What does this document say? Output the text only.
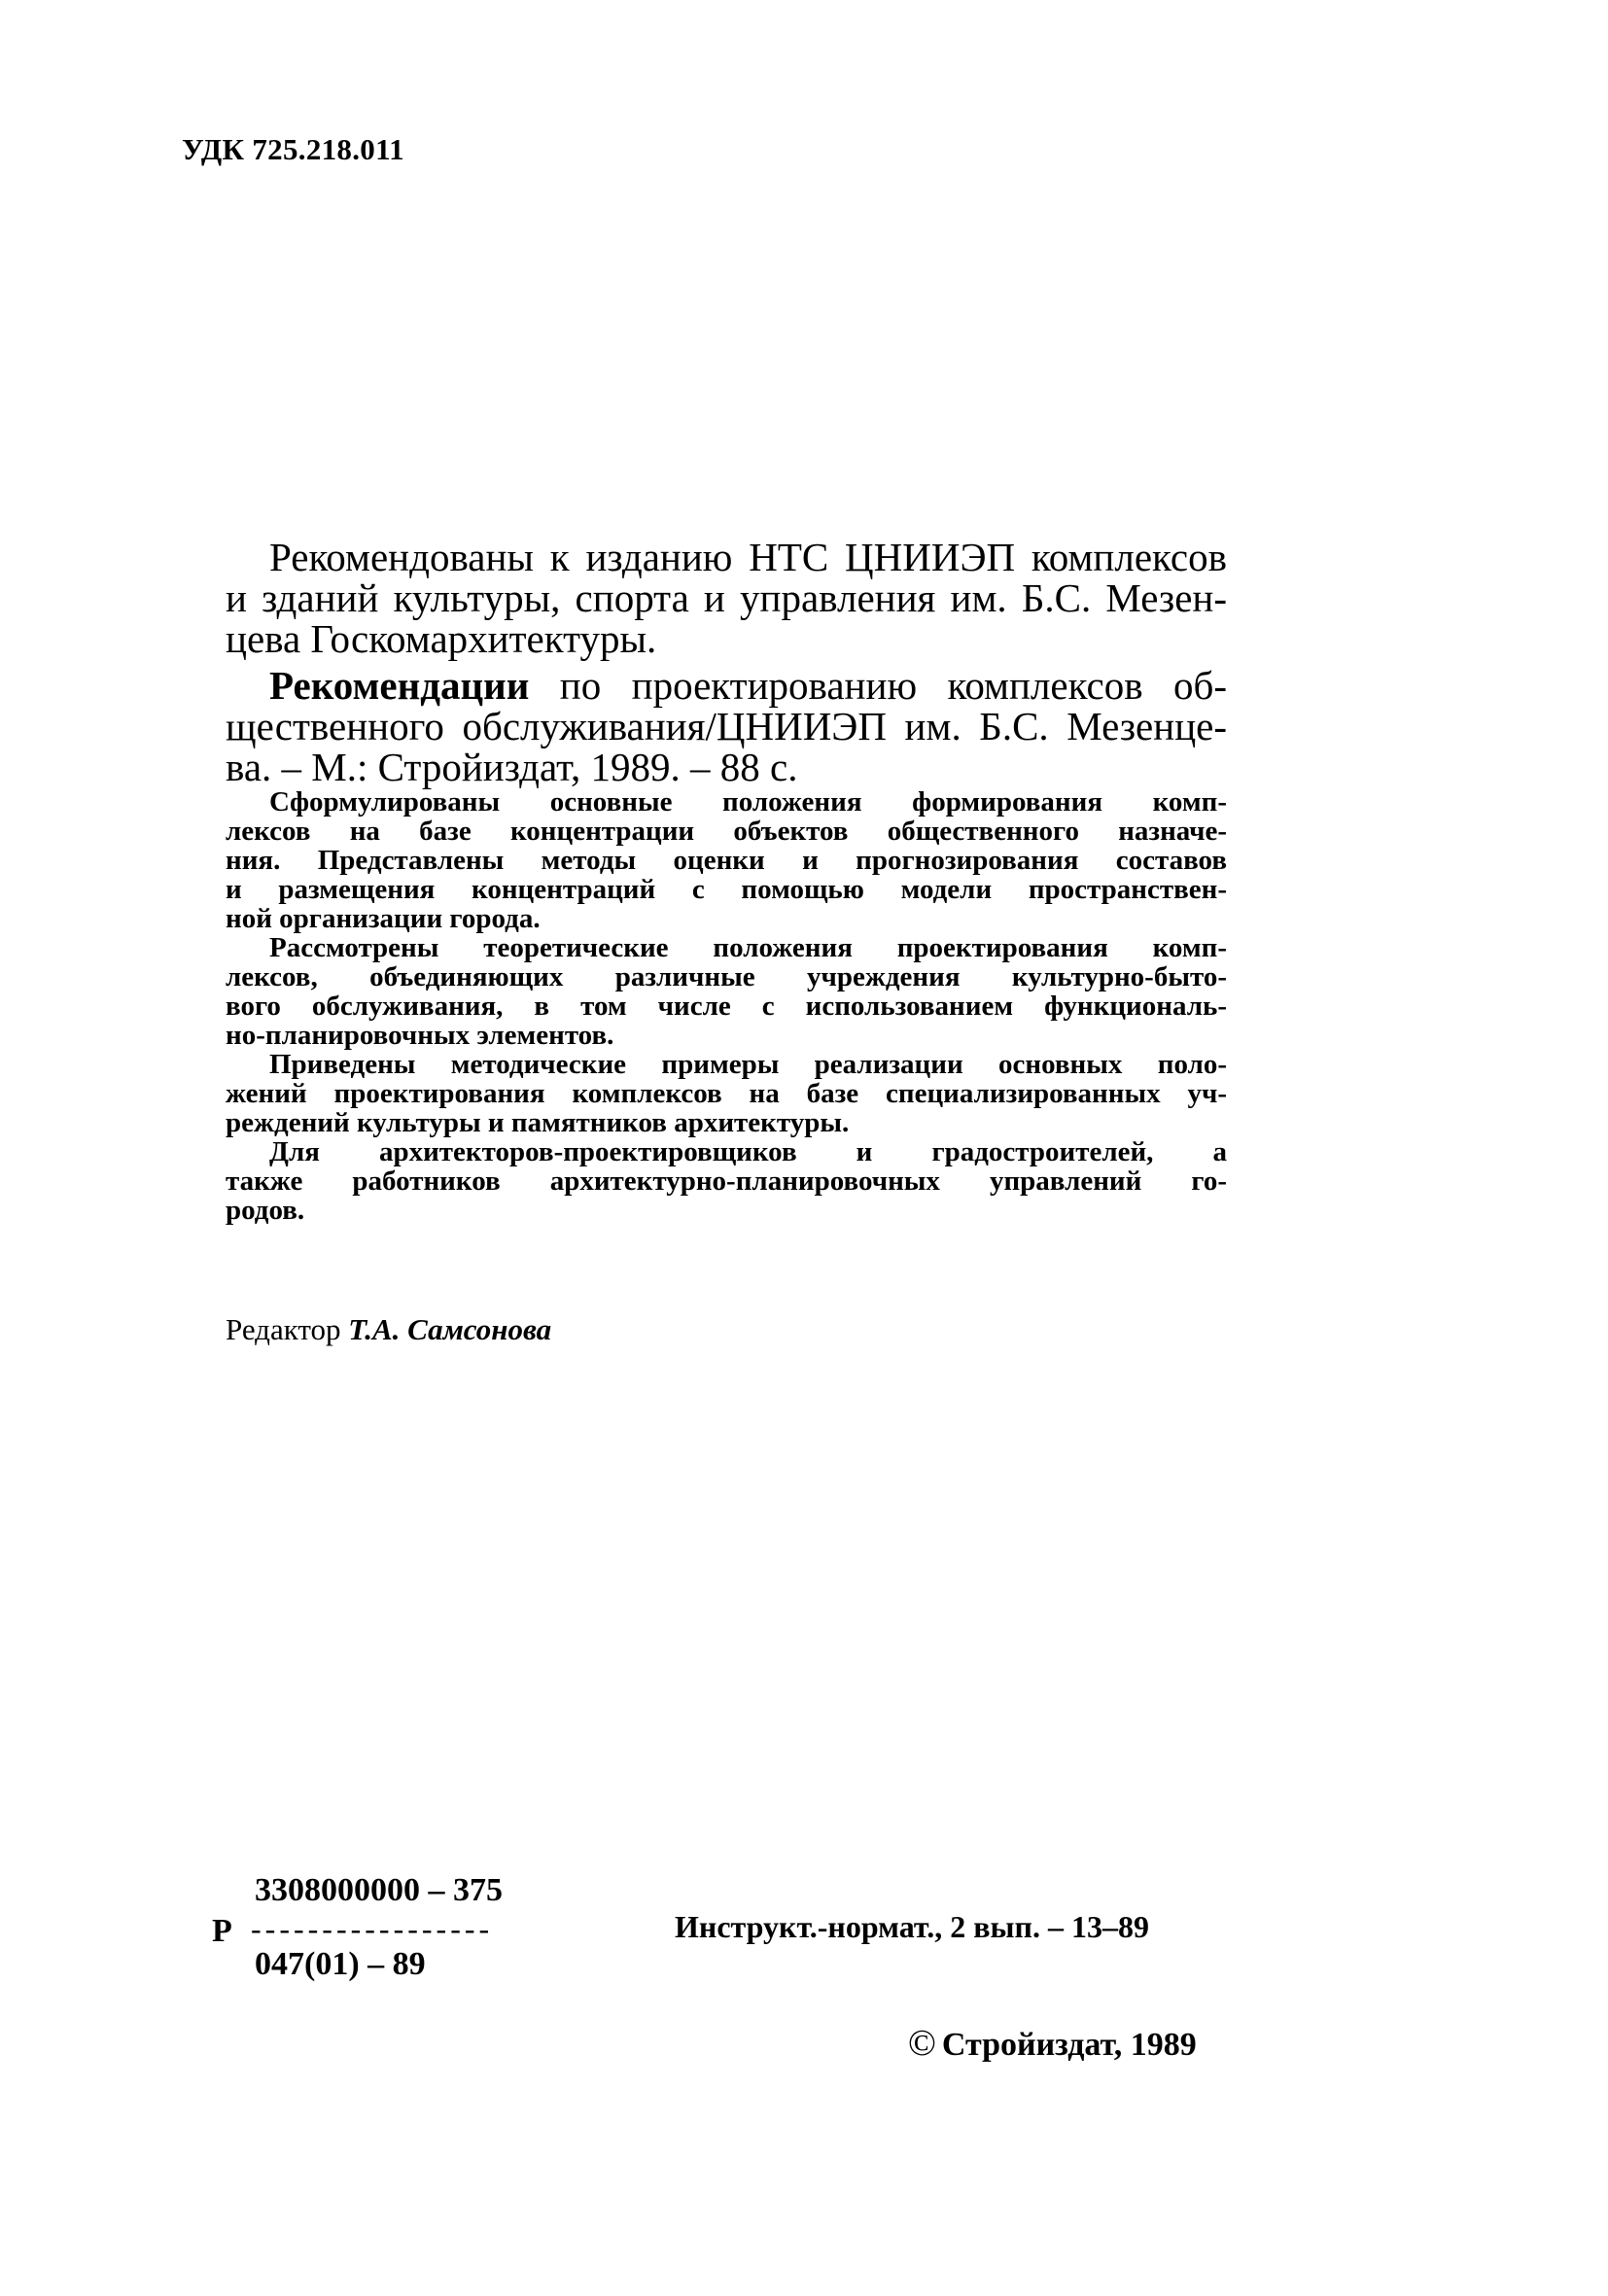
УДК 725.218.011
Рекомендованы к изданию НТС ЦНИИЭП комплексов
и зданий культуры, спорта и управления им. Б.С. Мезен-
цева Госкомархитектуры.
Рекомендации по проектированию комплексов об-
щественного обслуживания/ЦНИИЭП им. Б.С. Мезенце-
ва. – М.: Стройиздат, 1989. – 88 с.
Сформулированы основные положения формирования комп-
лексов на базе концентрации объектов общественного назначе-
ния. Представлены методы оценки и прогнозирования составов
и размещения концентраций с помощью модели пространствен-
ной организации города.
Рассмотрены теоретические положения проектирования комп-
лексов, объединяющих различные учреждения культурно-быто-
вого обслуживания, в том числе с использованием функциональ-
но-планировочных элементов.
Приведены методические примеры реализации основных поло-
жений проектирования комплексов на базе специализированных уч-
реждений культуры и памятников архитектуры.
Для архитекторов-проектировщиков и градостроителей, а
также работников архитектурно-планировочных управлений го-
родов.
Редактор Т.А. Самсонова
3308000000 – 375
Р -----------------
047(01) – 89
Инструкт.-нормат., 2 вып. – 13–89
© Стройиздат, 1989
